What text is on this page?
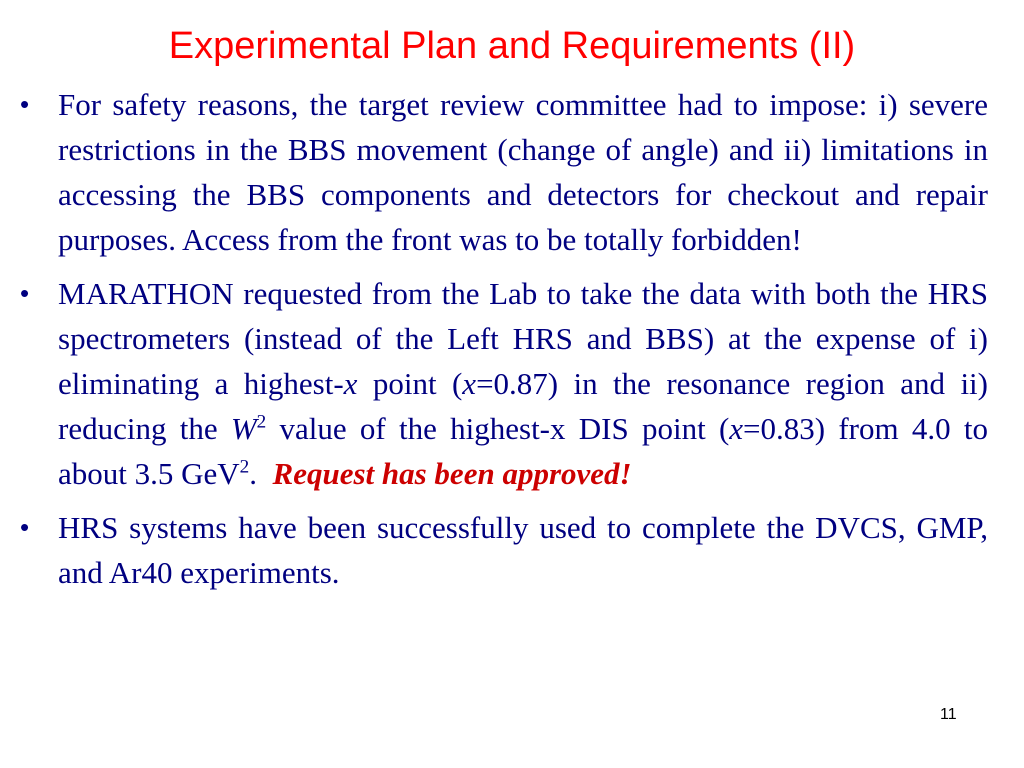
Experimental Plan and Requirements (II)
• For safety reasons, the target review committee had to impose: i) severe restrictions in the BBS movement (change of angle) and ii) limitations in accessing the BBS components and detectors for checkout and repair purposes. Access from the front was to be totally forbidden!
• MARATHON requested from the Lab to take the data with both the HRS spectrometers (instead of the Left HRS and BBS) at the expense of i) eliminating a highest-x point (x=0.87) in the resonance region and ii) reducing the $W^2$ value of the highest-x DIS point (x=0.83) from 4.0 to about 3.5 GeV$^2$.  Request has been approved!
• HRS systems have been successfully used to complete the DVCS, GMP, and Ar40 experiments.
11
